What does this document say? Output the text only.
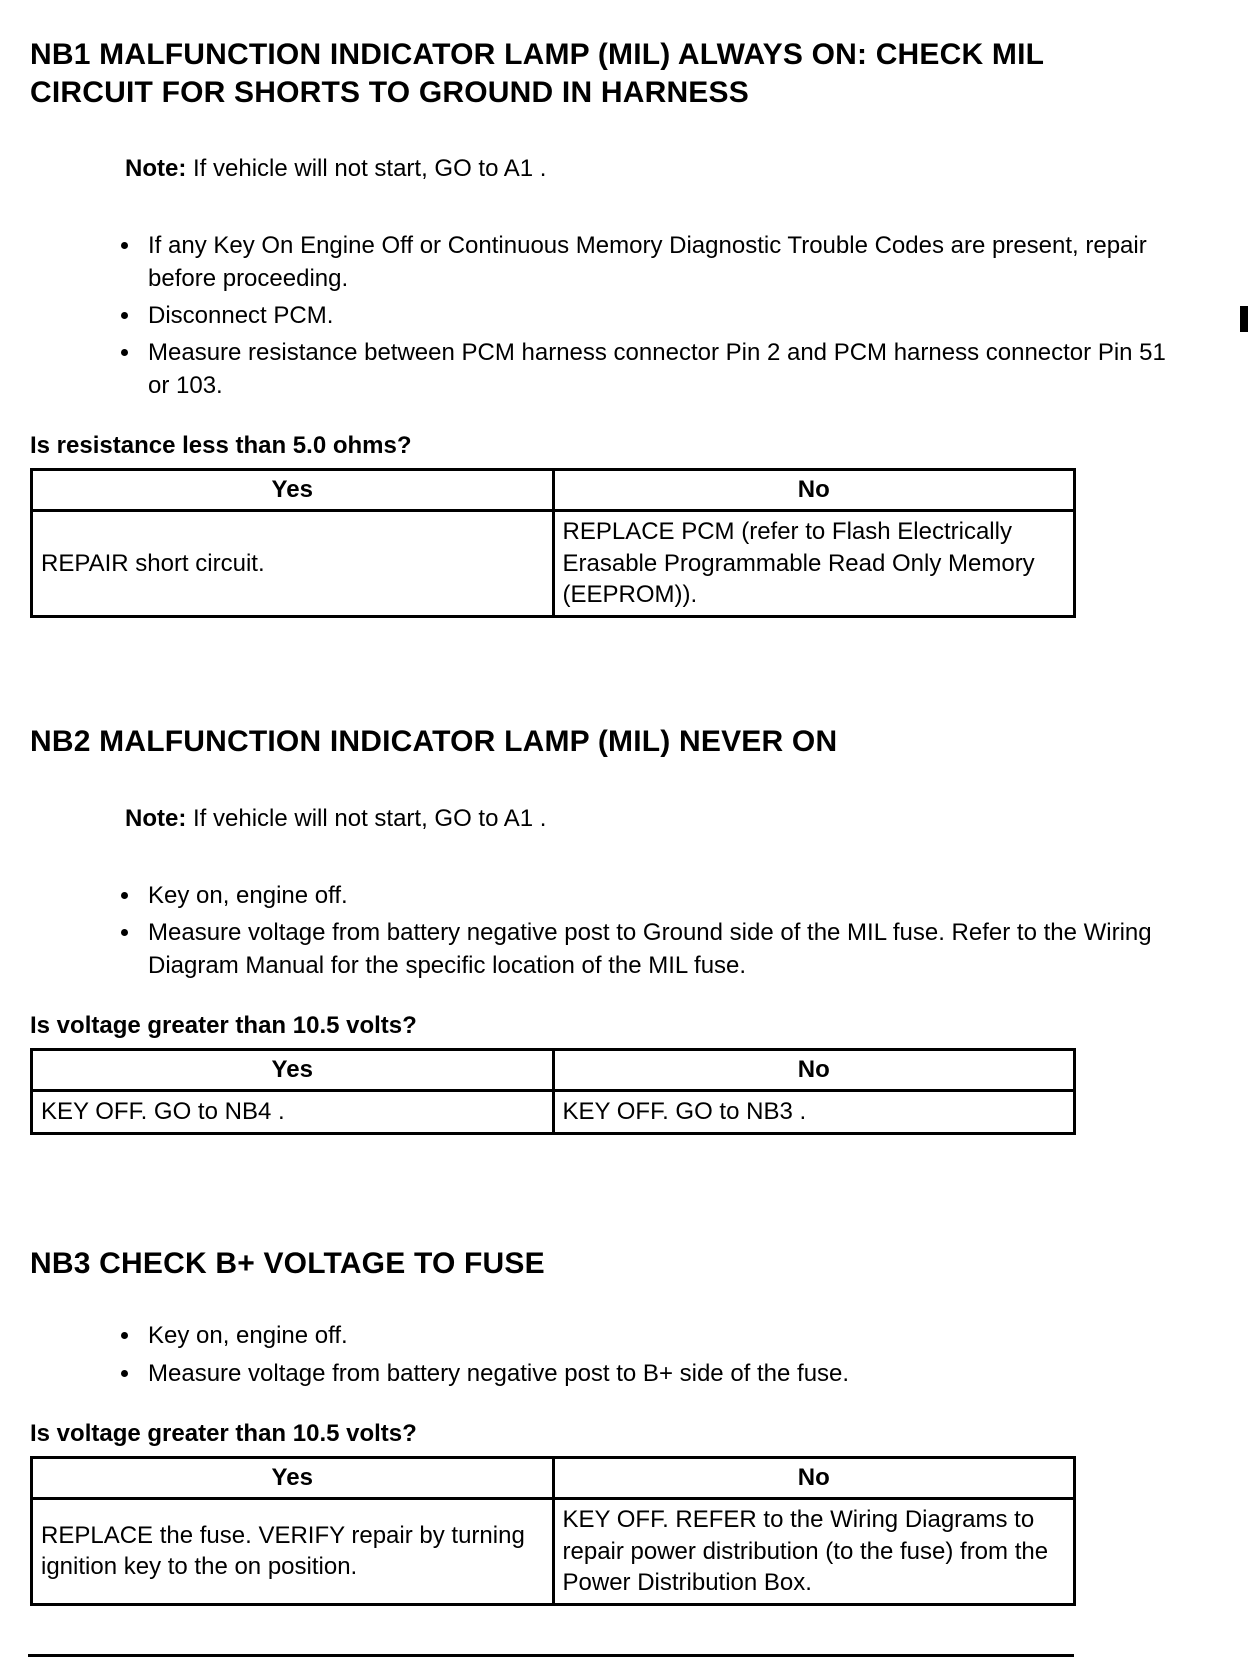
NB1 MALFUNCTION INDICATOR LAMP (MIL) ALWAYS ON: CHECK MIL CIRCUIT FOR SHORTS TO GROUND IN HARNESS

Note: If vehicle will not start, GO to A1 .

• If any Key On Engine Off or Continuous Memory Diagnostic Trouble Codes are present, repair before proceeding.
• Disconnect PCM.
• Measure resistance between PCM harness connector Pin 2 and PCM harness connector Pin 51 or 103.

Is resistance less than 5.0 ohms?

Yes	No
REPAIR short circuit.	REPLACE PCM (refer to Flash Electrically Erasable Programmable Read Only Memory (EEPROM)).
NB2 MALFUNCTION INDICATOR LAMP (MIL) NEVER ON

Note: If vehicle will not start, GO to A1 .

• Key on, engine off.
• Measure voltage from battery negative post to Ground side of the MIL fuse. Refer to the Wiring Diagram Manual for the specific location of the MIL fuse.

Is voltage greater than 10.5 volts?

Yes	No
KEY OFF. GO to NB4 .	KEY OFF. GO to NB3 .
NB3 CHECK B+ VOLTAGE TO FUSE
• Key on, engine off.
• Measure voltage from battery negative post to B+ side of the fuse.

Is voltage greater than 10.5 volts?

Yes	No
REPLACE the fuse. VERIFY repair by turning ignition key to the on position.	KEY OFF. REFER to the Wiring Diagrams to repair power distribution (to the fuse) from the Power Distribution Box.
